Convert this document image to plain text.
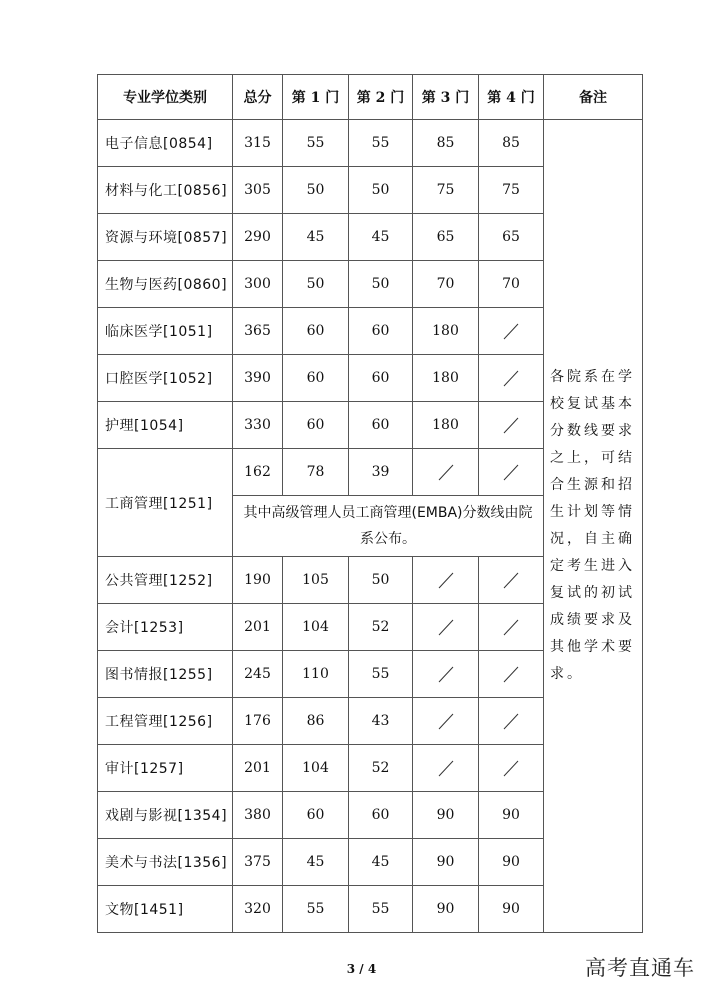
专业学位类别	总分	第 1 门	第 2 门	第 3 门	第 4 门	备注
电子信息[0854]	315	55	55	85	85	各院系在学校复试基本分数线要求之上，可结合生源和招生计划等情况，自主确定考生进入复试的初试成绩要求及其他学术要求。
材料与化工[0856]	305	50	50	75	75	
资源与环境[0857]	290	45	45	65	65	
生物与医药[0860]	300	50	50	70	70	
临床医学[1051]	365	60	60	180	

口腔医学[1052]	390	60	60	180	

护理[1054]	330	60	60	180	

工商管理[1251]	162	78	39	

	其中高级管理人员工商管理(EMBA)分数线由院系公布。					
公共管理[1252]	190	105	50	

会计[1253]	201	104	52	

图书情报[1255]	245	110	55	

工程管理[1256]	176	86	43	

审计[1257]	201	104	52	

戏剧与影视[1354]	380	60	60	90	90	
美术与书法[1356]	375	45	45	90	90	
文物[1451]	320	55	55	90	90	
3 / 4	高考直通车
